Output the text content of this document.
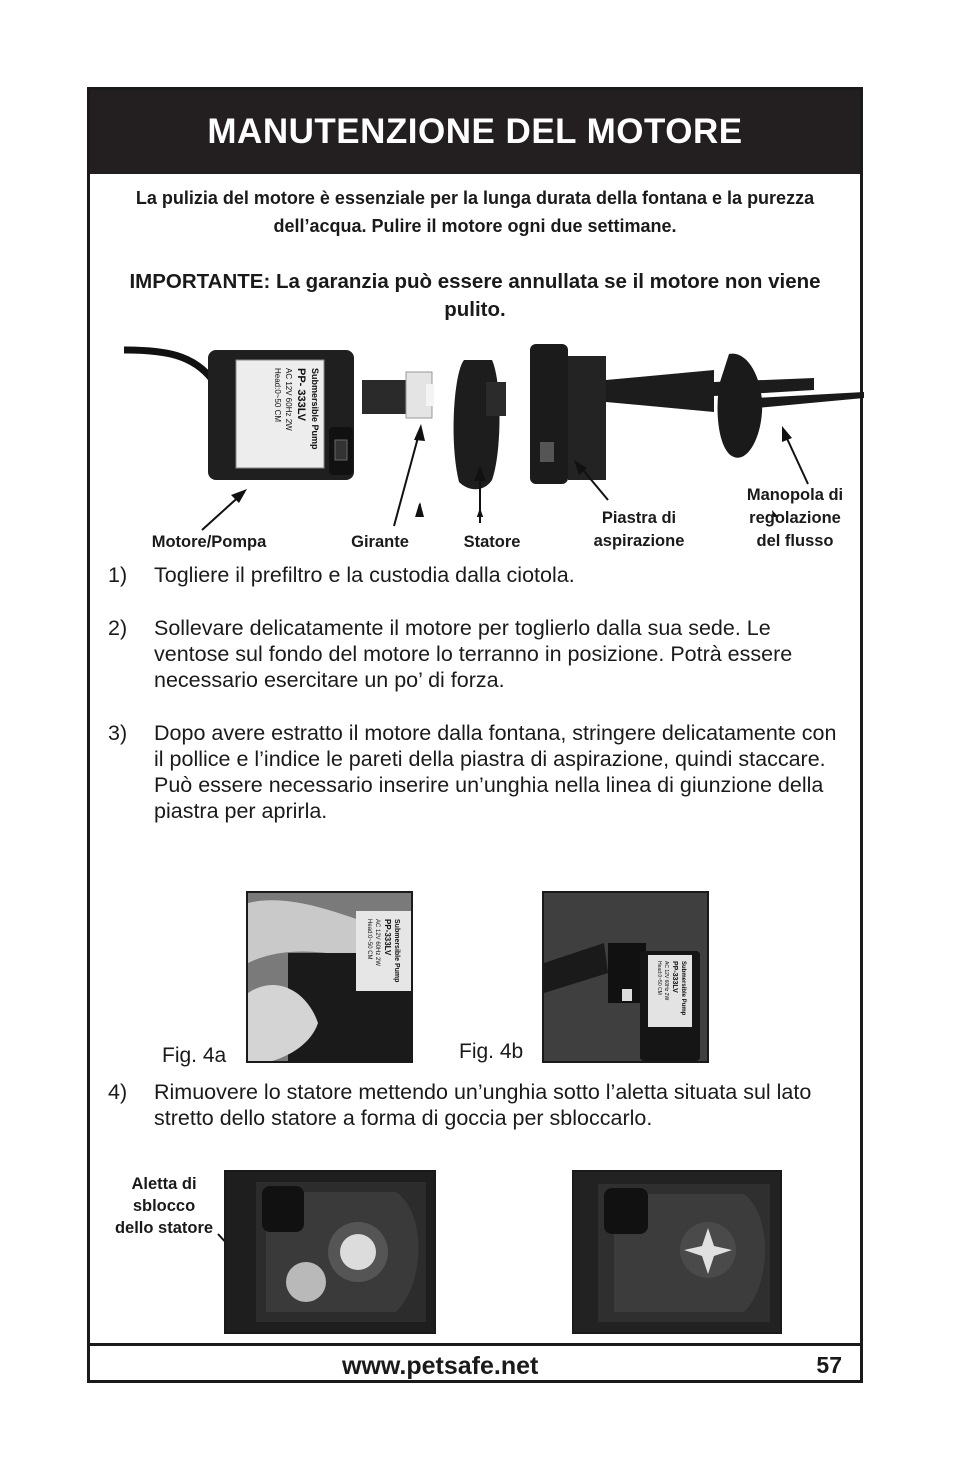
MANUTENZIONE DEL MOTORE
La pulizia del motore è essenziale per la lunga durata della fontana e la purezza dell’acqua. Pulire il motore ogni due settimane.
IMPORTANTE: La garanzia può essere annullata se il motore non viene pulito.
Submersible Pump
PP- 333LV
AC 12V 60Hz 2W
Head:0~50 CM
Motore/Pompa	Girante	Statore
Piastra di
aspirazione
Manopola di
regolazione
del flusso
1)	Togliere il prefiltro e la custodia dalla ciotola.
2)	Sollevare delicatamente il motore per toglierlo dalla sua sede. Le ventose sul fondo del motore lo terranno in posizione. Potrà essere necessario esercitare un po’ di forza.
3)	Dopo avere estratto il motore dalla fontana, stringere delicatamente con il pollice e l’indice le pareti della piastra di aspirazione, quindi staccare. Può essere necessario inserire un’unghia nella linea di giunzione della piastra per aprirla.
4)	Rimuovere lo statore mettendo un’unghia sotto l’aletta situata sul lato stretto dello statore a forma di goccia per sbloccarlo.
Submersible Pump
PP-333LV
AC 12V 60Hz 2W
Head:0~50 CM
Fig. 4a
Submersible Pump
PP-333LV
AC 12V 60Hz 2W
Head:0~50 CM
Fig. 4b
Aletta di
sblocco
dello statore
www.petsafe.net	57
